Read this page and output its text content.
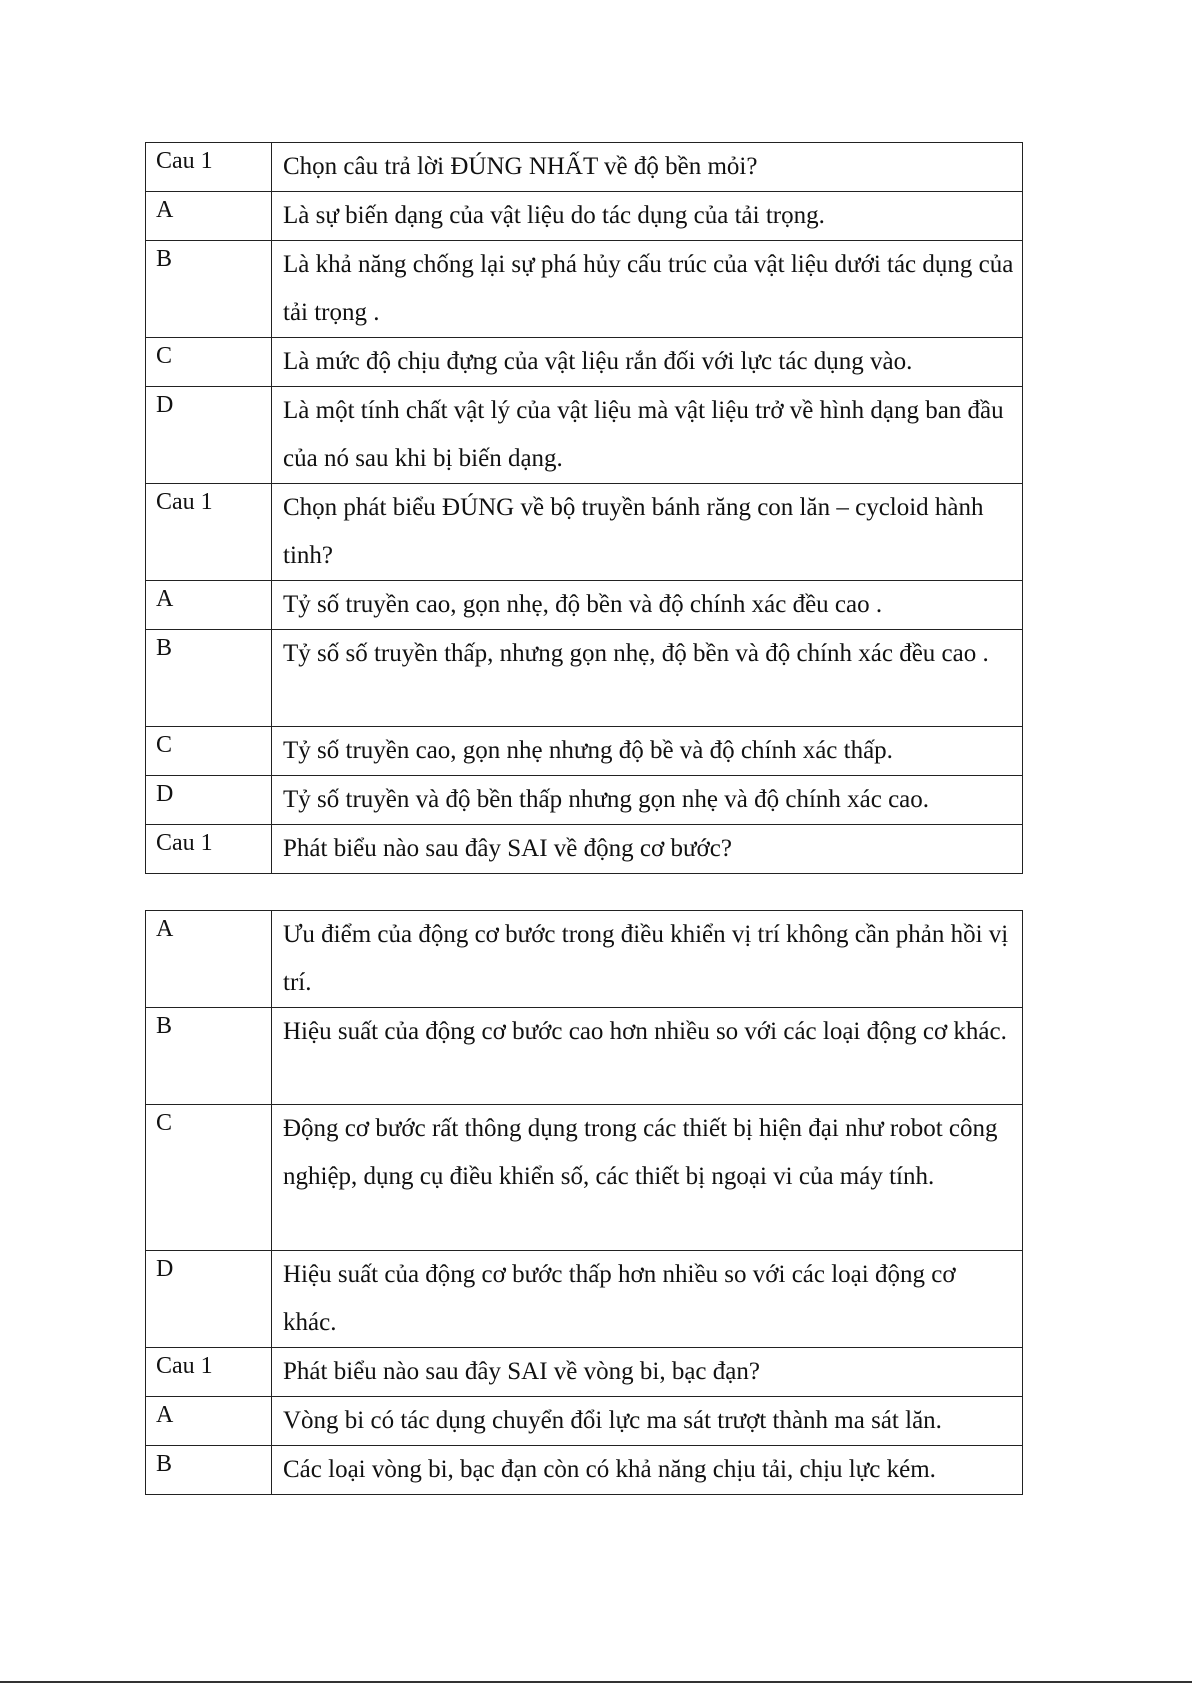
Cau 1	Chọn câu trả lời ĐÚNG NHẤT về độ bền mỏi?
A	Là sự biến dạng của vật liệu do tác dụng của tải trọng.
B	Là khả năng chống lại sự phá hủy cấu trúc của vật liệu dưới tác dụng của tải trọng .
C	Là mức độ chịu đựng của vật liệu rắn đối với lực tác dụng vào.
D	Là một tính chất vật lý của vật liệu mà vật liệu trở về hình dạng ban đầu của nó sau khi bị biến dạng.
Cau 1	Chọn phát biểu ĐÚNG về bộ truyền bánh răng con lăn – cycloid hành tinh?
A	Tỷ số truyền cao, gọn nhẹ, độ bền và độ chính xác đều cao .
B	Tỷ số số truyền thấp, nhưng gọn nhẹ, độ bền và độ chính xác đều cao .
C	Tỷ số truyền cao, gọn nhẹ nhưng độ bề và độ chính xác thấp.
D	Tỷ số truyền và độ bền thấp nhưng gọn nhẹ và độ chính xác cao.
Cau 1	Phát biểu nào sau đây SAI về động cơ bước?
A	Ưu điểm của động cơ bước trong điều khiển vị trí không cần phản hồi vị trí.
B	Hiệu suất của động cơ bước cao hơn nhiều so với các loại động cơ khác.
C	Động cơ bước rất thông dụng trong các thiết bị hiện đại như robot công nghiệp, dụng cụ điều khiển số, các thiết bị ngoại vi của máy tính.
D	Hiệu suất của động cơ bước thấp hơn nhiều so với các loại động cơ khác.
Cau 1	Phát biểu nào sau đây SAI về vòng bi, bạc đạn?
A	Vòng bi có tác dụng chuyển đổi lực ma sát trượt thành ma sát lăn.
B	Các loại vòng bi, bạc đạn còn có khả năng chịu tải, chịu lực kém.
